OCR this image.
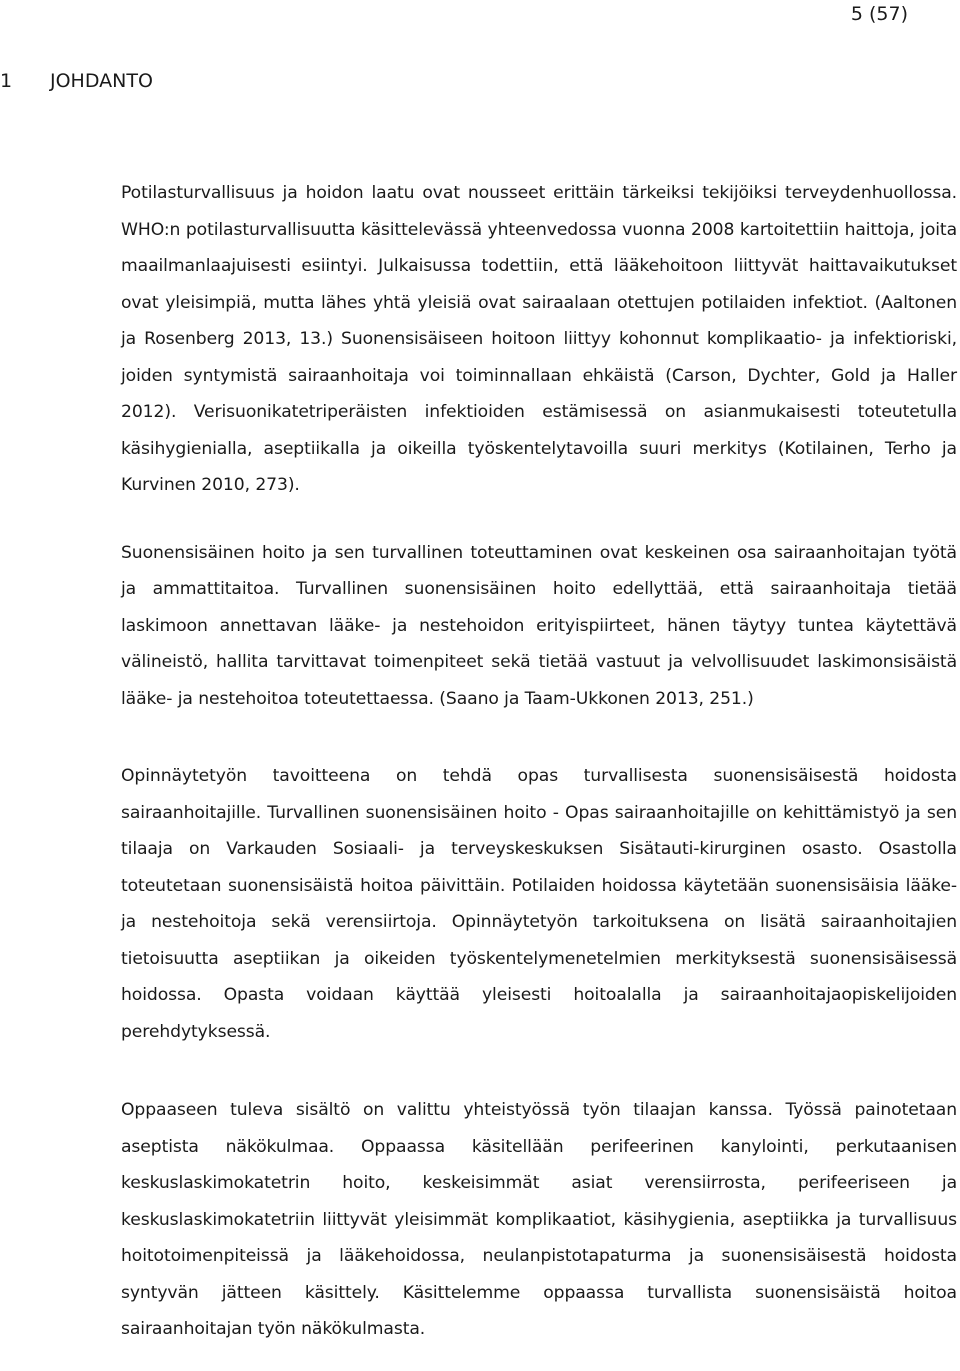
5 (57)
1 JOHDANTO

Potilasturvallisuus ja hoidon laatu ovat nousseet erittäin tärkeiksi tekijöiksi terveydenhuollossa. WHO:n potilasturvallisuutta käsittelevässä yhteenvedossa vuonna 2008 kartoitettiin haittoja, joita maailmanlaajuisesti esiintyi. Julkaisussa todettiin, että lääkehoitoon liittyvät haittavaikutukset ovat yleisimpiä, mutta lähes yhtä yleisiä ovat sairaalaan otettujen potilaiden infektiot. (Aaltonen ja Rosenberg 2013, 13.) Suonensisäiseen hoitoon liittyy kohonnut komplikaatio- ja infektioriski, joiden syntymistä sairaanhoitaja voi toiminnallaan ehkäistä (Carson, Dychter, Gold ja Haller 2012). Verisuonikatetriperäisten infektioiden estämisessä on asianmukaisesti toteutetulla käsihygienialla, aseptiikalla ja oikeilla työskentelytavoilla suuri merkitys (Kotilainen, Terho ja Kurvinen 2010, 273).

Suonensisäinen hoito ja sen turvallinen toteuttaminen ovat keskeinen osa sairaanhoitajan työtä ja ammattitaitoa. Turvallinen suonensisäinen hoito edellyttää, että sairaanhoitaja tietää laskimoon annettavan lääke- ja nestehoidon erityispiirteet, hänen täytyy tuntea käytettävä välineistö, hallita tarvittavat toimenpiteet sekä tietää vastuut ja velvollisuudet laskimonsisäistä lääke- ja nestehoitoa toteutettaessa. (Saano ja Taam-Ukkonen 2013, 251.)

Opinnäytetyön tavoitteena on tehdä opas turvallisesta suonensisäisestä hoidosta sairaanhoitajille. Turvallinen suonensisäinen hoito - Opas sairaanhoitajille on kehittämistyö ja sen tilaaja on Varkauden Sosiaali- ja terveyskeskuksen Sisätauti-kirurginen osasto. Osastolla toteutetaan suonensisäistä hoitoa päivittäin. Potilaiden hoidossa käytetään suonensisäisia lääke- ja nestehoitoja sekä verensiirtoja. Opinnäytetyön tarkoituksena on lisätä sairaanhoitajien tietoisuutta aseptiikan ja oikeiden työskentelymenetelmien merkityksestä suonensisäisessä hoidossa. Opasta voidaan käyttää yleisesti hoitoalalla ja sairaanhoitajaopiskelijoiden perehdytyksessä.

Oppaaseen tuleva sisältö on valittu yhteistyössä työn tilaajan kanssa. Työssä painotetaan aseptista näkökulmaa. Oppaassa käsitellään perifeerinen kanylointi, perkutaanisen keskuslaskimokatetrin hoito, keskeisimmät asiat verensiirrosta, perifeeriseen ja keskuslaskimokatetriin liittyvät yleisimmät komplikaatiot, käsihygienia, aseptiikka ja turvallisuus hoitotoimenpiteissä ja lääkehoidossa, neulanpistotapaturma ja suonensisäisestä hoidosta syntyvän jätteen käsittely. Käsittelemme oppaassa turvallista suonensisäistä hoitoa sairaanhoitajan työn näkökulmasta.
